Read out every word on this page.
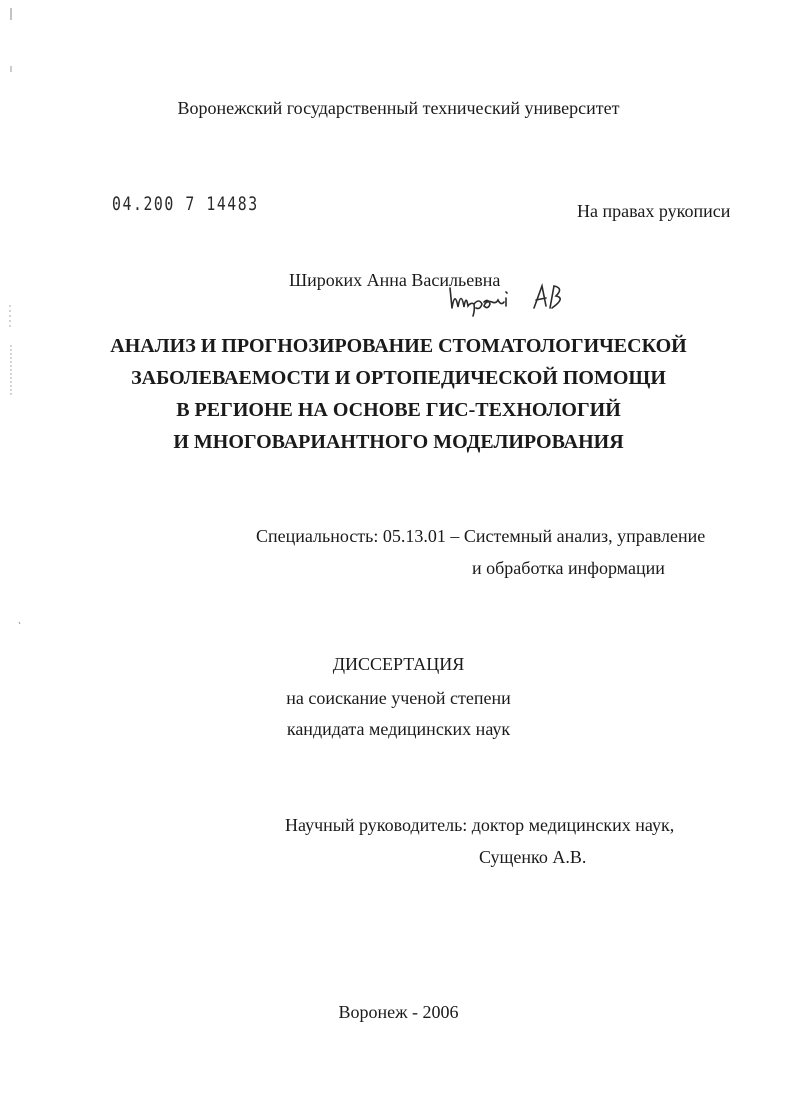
Воронежский государственный технический университет
04.200 7 14483	На правах рукописи
Широких Анна Васильевна
АНАЛИЗ И ПРОГНОЗИРОВАНИЕ СТОМАТОЛОГИЧЕСКОЙ
ЗАБОЛЕВАЕМОСТИ И ОРТОПЕДИЧЕСКОЙ ПОМОЩИ
В РЕГИОНЕ НА ОСНОВЕ ГИС-ТЕХНОЛОГИЙ
И МНОГОВАРИАНТНОГО МОДЕЛИРОВАНИЯ
Специальность: 05.13.01 – Системный анализ, управление
и обработка информации
ДИССЕРТАЦИЯ
на соискание ученой степени
кандидата медицинских наук
Научный руководитель: доктор медицинских наук,
Сущенко А.В.
Воронеж - 2006
